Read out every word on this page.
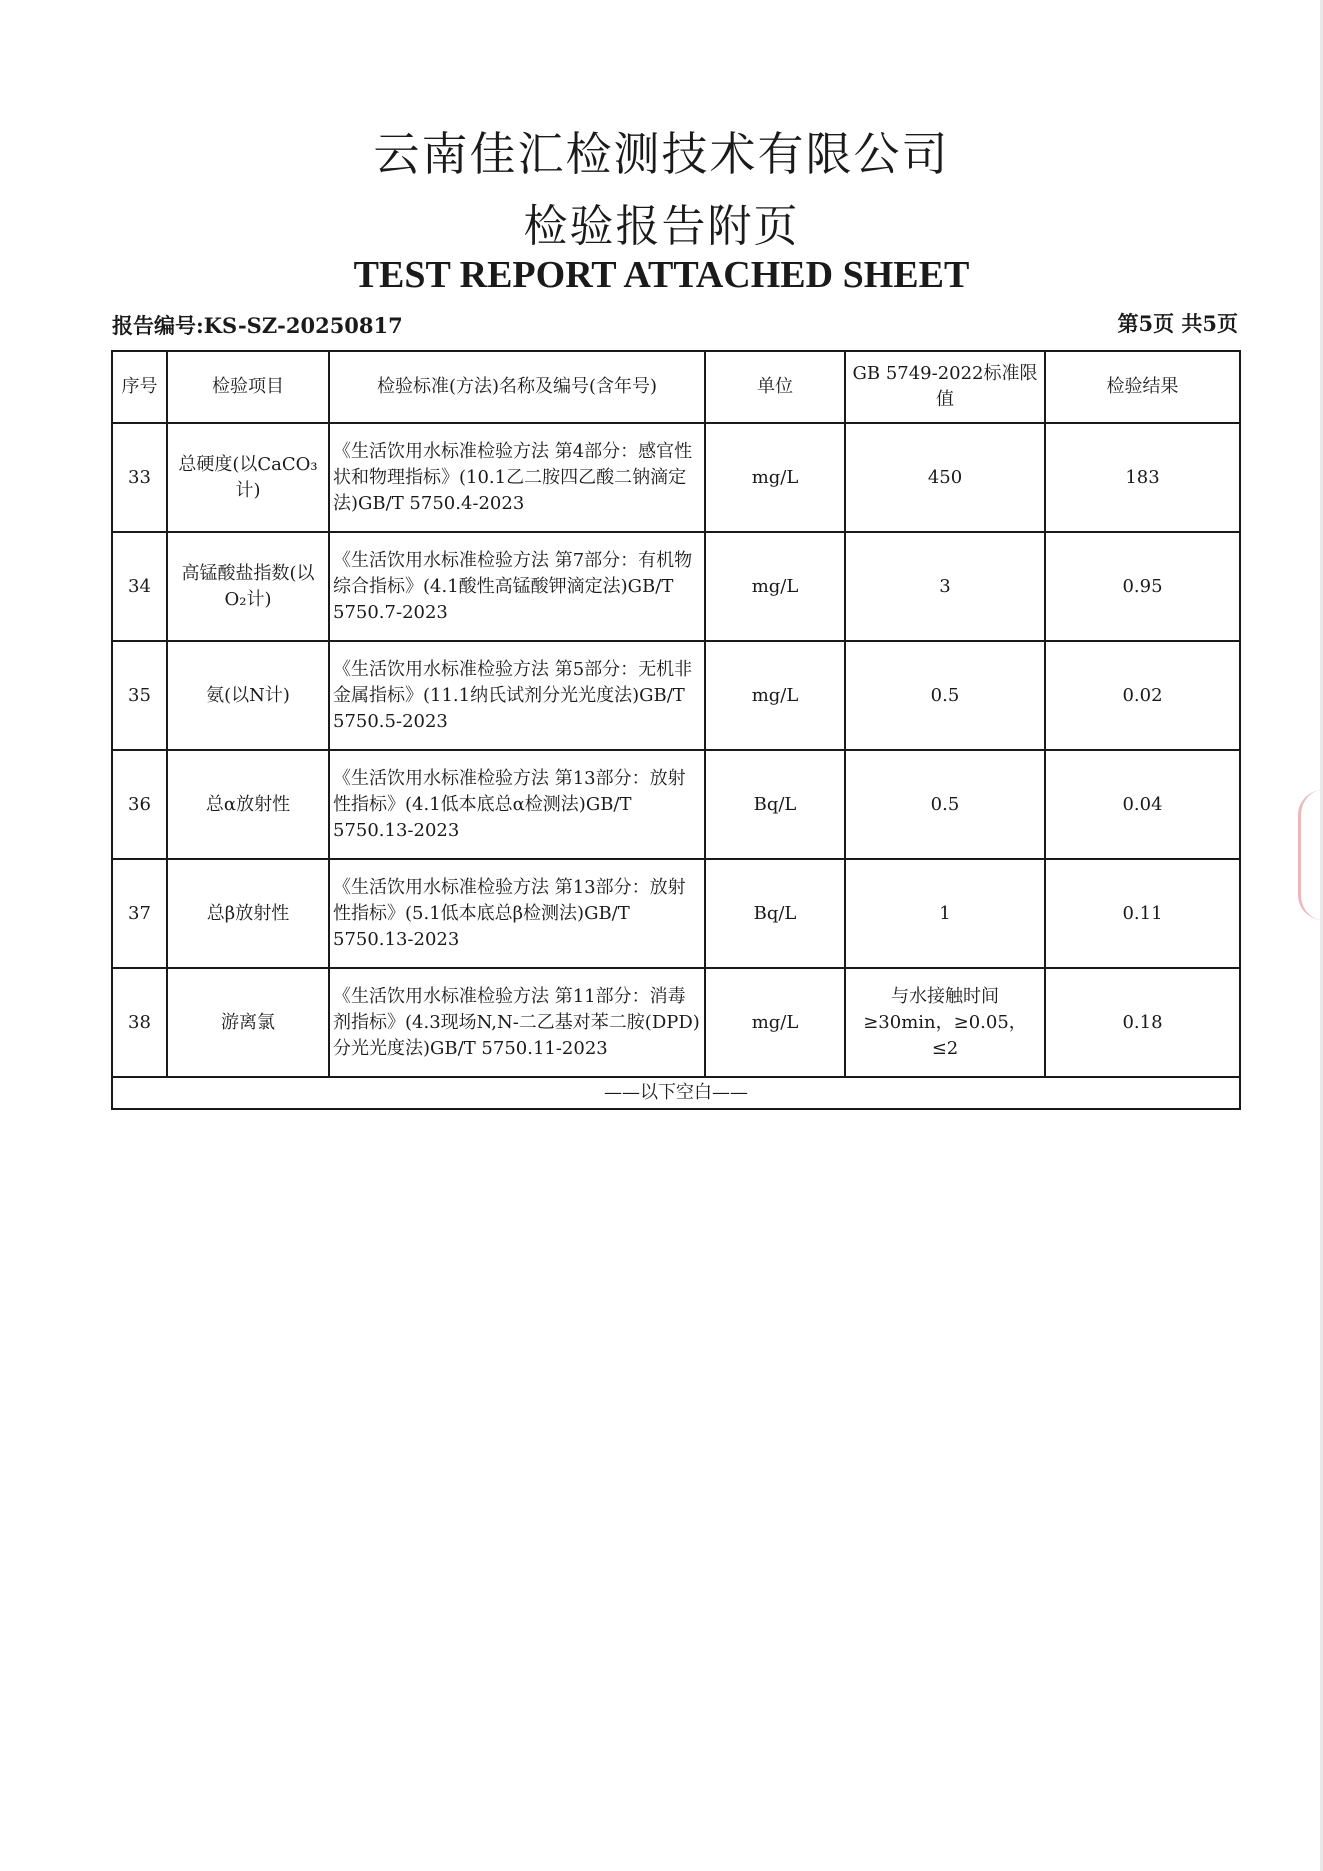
云南佳汇检测技术有限公司
检验报告附页
TEST REPORT ATTACHED SHEET
报告编号:KS-SZ-20250817	第5页 共5页
序号	检验项目	检验标准(方法)名称及编号(含年号)	单位	GB 5749-2022标准限值	检验结果
33	总硬度(以CaCO₃计)	《生活饮用水标准检验方法 第4部分：感官性状和物理指标》(10.1乙二胺四乙酸二钠滴定法)GB/T 5750.4-2023	mg/L	450	183
34	高锰酸盐指数(以O₂计)	《生活饮用水标准检验方法 第7部分：有机物综合指标》(4.1酸性高锰酸钾滴定法)GB/T 5750.7-2023	mg/L	3	0.95
35	氨(以N计)	《生活饮用水标准检验方法 第5部分：无机非金属指标》(11.1纳氏试剂分光光度法)GB/T 5750.5-2023	mg/L	0.5	0.02
36	总α放射性	《生活饮用水标准检验方法 第13部分：放射性指标》(4.1低本底总α检测法)GB/T 5750.13-2023	Bq/L	0.5	0.04
37	总β放射性	《生活饮用水标准检验方法 第13部分：放射性指标》(5.1低本底总β检测法)GB/T 5750.13-2023	Bq/L	1	0.11
38	游离氯	《生活饮用水标准检验方法 第11部分：消毒剂指标》(4.3现场N,N-二乙基对苯二胺(DPD)分光光度法)GB/T 5750.11-2023	mg/L	与水接触时间≥30min，≥0.05，≤2	0.18
——以下空白——					
